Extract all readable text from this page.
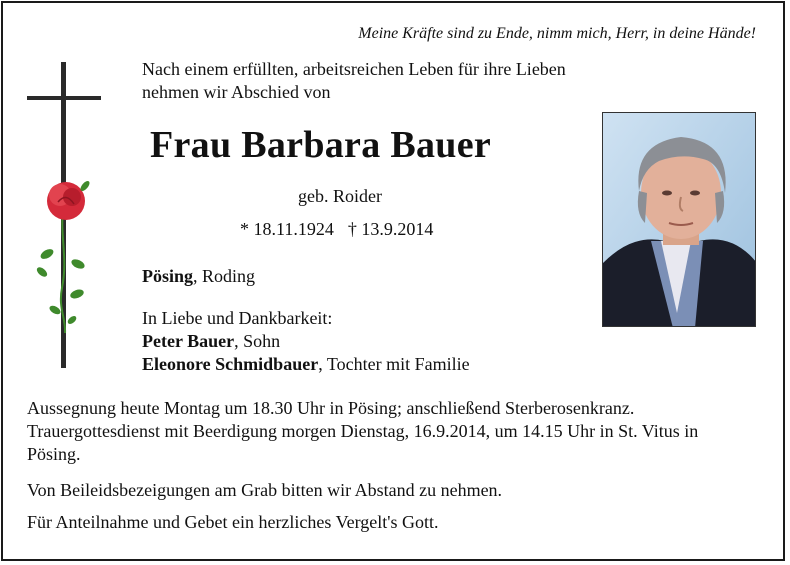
Meine Kräfte sind zu Ende, nimm mich, Herr, in deine Hände!
Nach einem erfüllten, arbeitsreichen Leben für ihre Lieben nehmen wir Abschied von
Frau Barbara Bauer
geb. Roider
* 18.11.1924 † 13.9.2014
Pösing, Roding
In Liebe und Dankbarkeit:
Peter Bauer, Sohn
Eleonore Schmidbauer, Tochter mit Familie
Aussegnung heute Montag um 18.30 Uhr in Pösing; anschließend Sterberosenkranz. Trauergottesdienst mit Beerdigung morgen Dienstag, 16.9.2014, um 14.15 Uhr in St. Vitus in Pösing.
Von Beileidsbezeigungen am Grab bitten wir Abstand zu nehmen.
Für Anteilnahme und Gebet ein herzliches Vergelt's Gott.
